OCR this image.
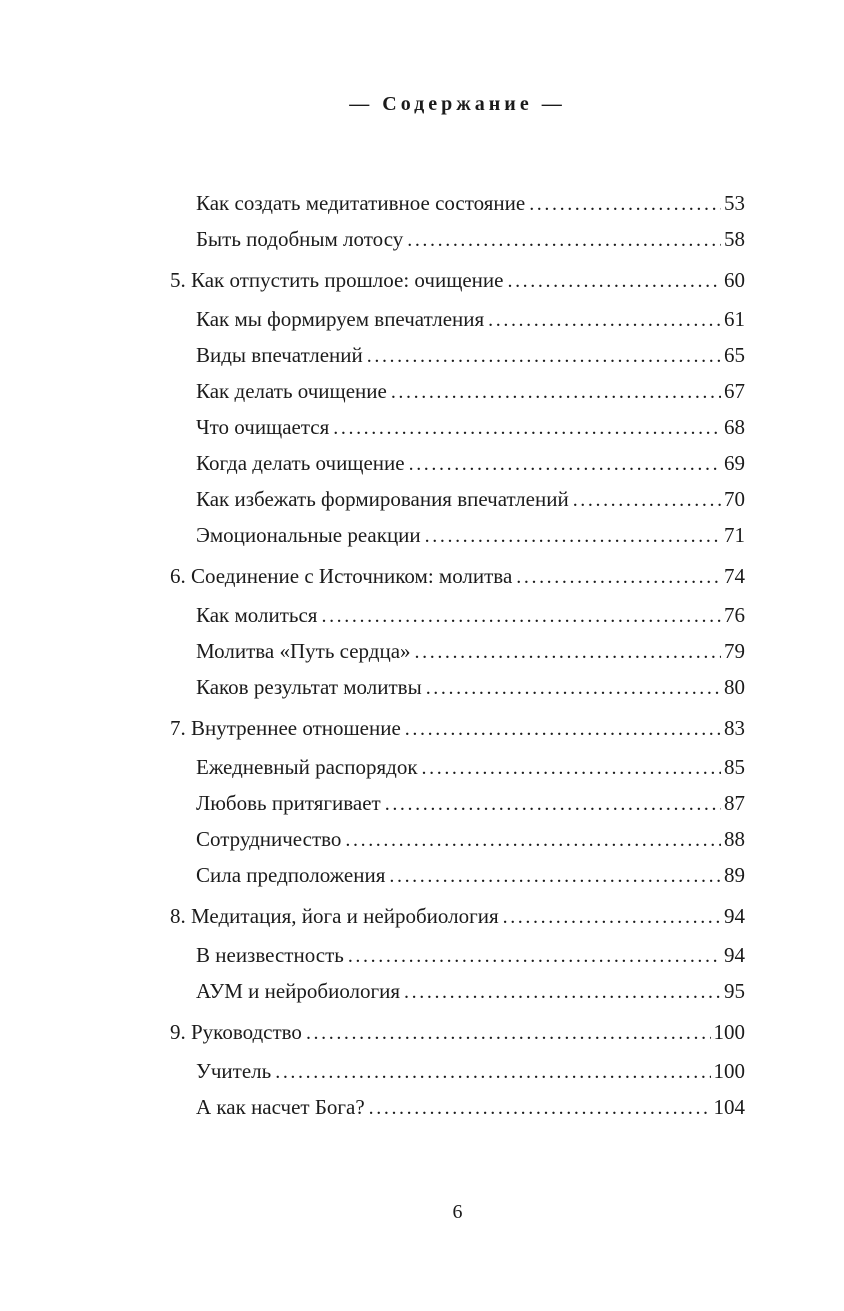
— Содержание —
Как создать медитативное состояние .....	53
Быть подобным лотосу .....	58
5. Как отпустить прошлое: очищение .....	60
Как мы формируем впечатления .....	61
Виды впечатлений .....	65
Как делать очищение .....	67
Что очищается .....	68
Когда делать очищение .....	69
Как избежать формирования впечатлений .....	70
Эмоциональные реакции .....	71
6. Соединение с Источником: молитва .....	74
Как молиться .....	76
Молитва «Путь сердца» .....	79
Каков результат молитвы .....	80
7. Внутреннее отношение .....	83
Ежедневный распорядок .....	85
Любовь притягивает .....	87
Сотрудничество .....	88
Сила предположения .....	89
8. Медитация, йога и нейробиология .....	94
В неизвестность .....	94
АУМ и нейробиология .....	95
9. Руководство .....	100
Учитель .....	100
А как насчет Бога? .....	104
6
